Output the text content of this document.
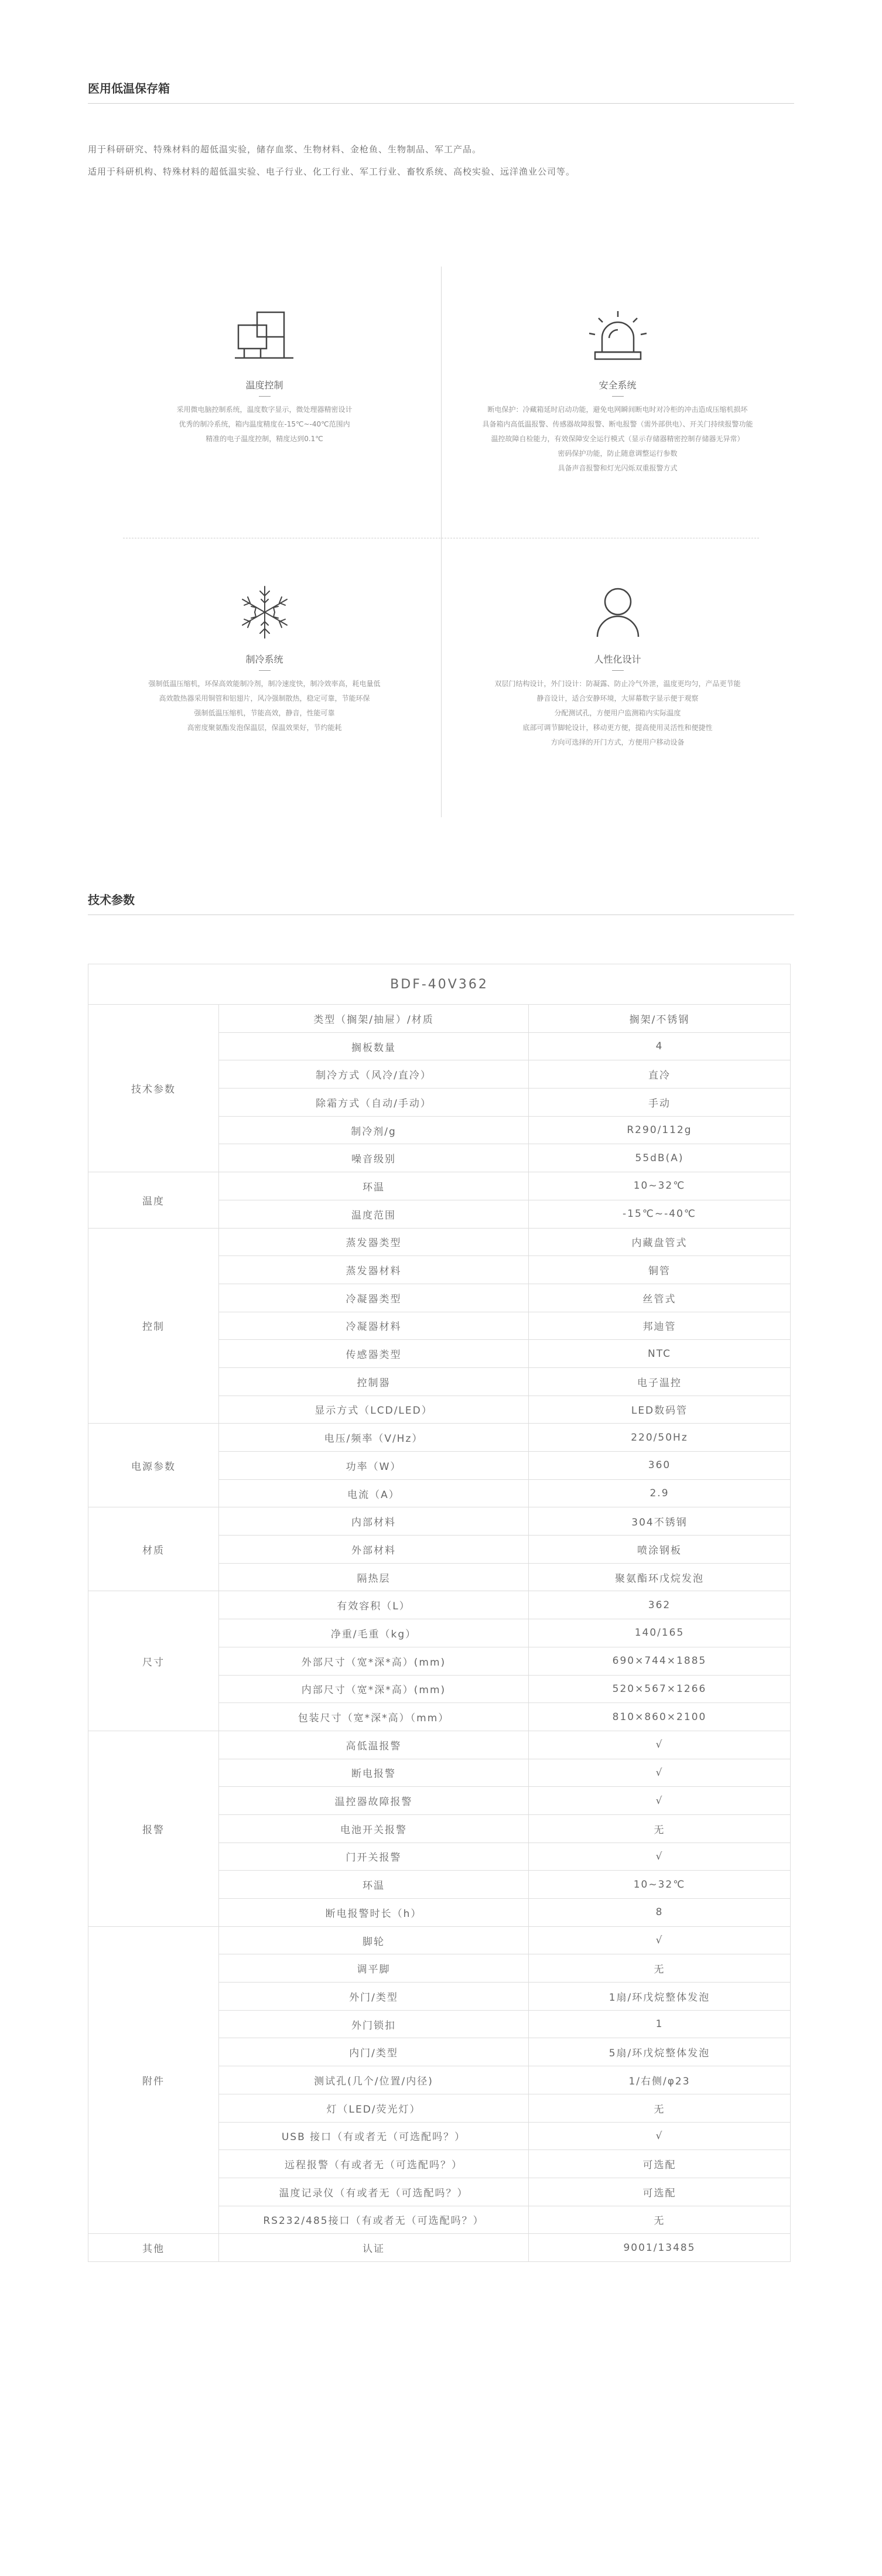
医用低温保存箱
用于科研研究、特殊材料的超低温实验，储存血浆、生物材料、金枪鱼、生物制品、军工产品。
适用于科研机构、特殊材料的超低温实验、电子行业、化工行业、军工行业、畜牧系统、高校实验、远洋渔业公司等。
温度控制
采用微电脑控制系统，温度数字显示，微处理器精密设计
优秀的制冷系统，箱内温度精度在-15℃~-40℃范围内
精准的电子温度控制，精度达到0.1℃
安全系统
断电保护：冷藏箱延时启动功能，避免电网瞬间断电时对冷柜的冲击造成压缩机损坏
具备箱内高低温报警、传感器故障报警、断电报警（需外部供电）、开关门持续报警功能
温控故障自检能力，有效保障安全运行模式（显示存储器精密控制存储器无异常）
密码保护功能，防止随意调整运行参数
具备声音报警和灯光闪烁双重报警方式
制冷系统
强制低温压缩机，环保高效能制冷剂，制冷速度快，制冷效率高，耗电量低
高效散热器采用铜管和铝翅片，风冷强制散热，稳定可靠，节能环保
强制低温压缩机，节能高效，静音，性能可靠
高密度聚氨酯发泡保温层，保温效果好，节约能耗
人性化设计
双层门结构设计，外门设计：防凝露、防止冷气外泄，温度更均匀，产品更节能
静音设计，适合安静环境，大屏幕数字显示便于观察
分配测试孔，方便用户监测箱内实际温度
底部可调节脚轮设计，移动更方便，提高使用灵活性和便捷性
方向可选择的开门方式，方便用户移动设备
技术参数
BDF-40V362		
技术参数	类型（搁架/抽屉）/材质	搁架/不锈钢
	搁板数量	4
	制冷方式（风冷/直冷）	直冷
	除霜方式（自动/手动）	手动
	制冷剂/g	R290/112g
	噪音级别	55dB(A)
温度	环温	10~32℃
	温度范围	-15℃~-40℃
控制	蒸发器类型	内藏盘管式
	蒸发器材料	铜管
	冷凝器类型	丝管式
	冷凝器材料	邦迪管
	传感器类型	NTC
	控制器	电子温控
	显示方式（LCD/LED）	LED数码管
电源参数	电压/频率（V/Hz）	220/50Hz
	功率（W）	360
	电流（A）	2.9
材质	内部材料	304不锈钢
	外部材料	喷涂钢板
	隔热层	聚氨酯环戊烷发泡
尺寸	有效容积（L）	362
	净重/毛重（kg）	140/165
	外部尺寸（宽*深*高）(mm)	690×744×1885
	内部尺寸（宽*深*高）(mm)	520×567×1266
	包装尺寸（宽*深*高）（mm）	810×860×2100
报警	高低温报警	√
	断电报警	√
	温控器故障报警	√
	电池开关报警	无
	门开关报警	√
	环温	10~32℃
	断电报警时长（h）	8
附件	脚轮	√
	调平脚	无
	外门/类型	1扇/环戊烷整体发泡
	外门锁扣	1
	内门/类型	5扇/环戊烷整体发泡
	测试孔(几个/位置/内径)	1/右侧/φ23
	灯（LED/荧光灯）	无
	USB 接口（有或者无（可选配吗？）	√
	远程报警（有或者无（可选配吗？）	可选配
	温度记录仪（有或者无（可选配吗？）	可选配
	RS232/485接口（有或者无（可选配吗？）	无
其他	认证	9001/13485
